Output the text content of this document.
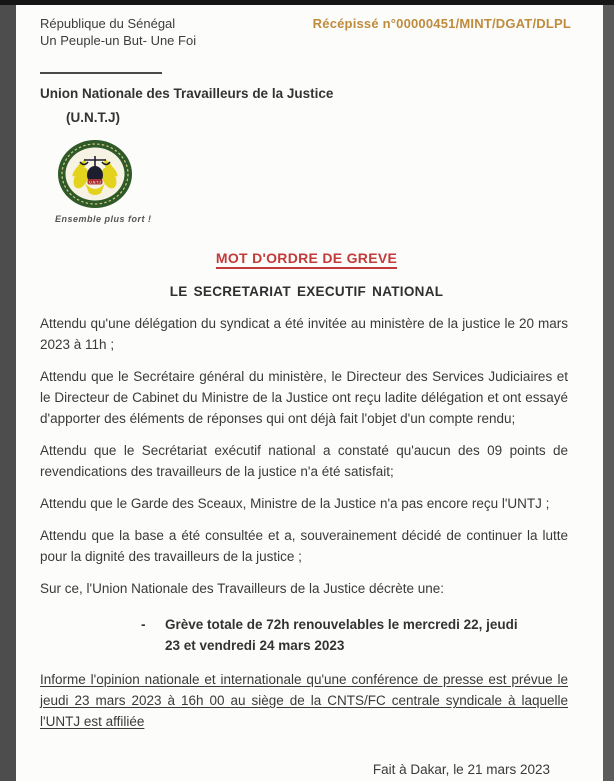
République du Sénégal
Un Peuple-un But- Une Foi
Récépissé n°00000451/MINT/DGAT/DLPL
Union Nationale des Travailleurs de la Justice
(U.N.T.J)
U.N.T.J
Ensemble plus fort !
MOT D'ORDRE DE GREVE
LE SECRETARIAT EXECUTIF NATIONAL

Attendu qu'une délégation du syndicat a été invitée au ministère de la justice le 20 mars 2023 à 11h ;

Attendu que le Secrétaire général du ministère, le Directeur des Services Judiciaires et le Directeur de Cabinet du Ministre de la Justice ont reçu ladite délégation et ont essayé d'apporter des éléments de réponses qui ont déjà fait l'objet d'un compte rendu;

Attendu que le Secrétariat exécutif national a constaté qu'aucun des 09 points de revendications des travailleurs de la justice n'a été satisfait;

Attendu que le Garde des Sceaux, Ministre de la Justice n'a pas encore reçu l'UNTJ ;

Attendu que la base a été consultée et a, souverainement décidé de continuer la lutte pour la dignité des travailleurs de la justice ;

Sur ce, l'Union Nationale des Travailleurs de la Justice décrète une:

-	Grève totale de 72h renouvelables le mercredi 22, jeudi 23 et vendredi 24 mars 2023

Informe l'opinion nationale et internationale qu'une conférence de presse est prévue le jeudi 23 mars 2023 à 16h 00 au siège de la CNTS/FC centrale syndicale à laquelle l'UNTJ est affiliée

Fait à Dakar, le 21 mars 2023
